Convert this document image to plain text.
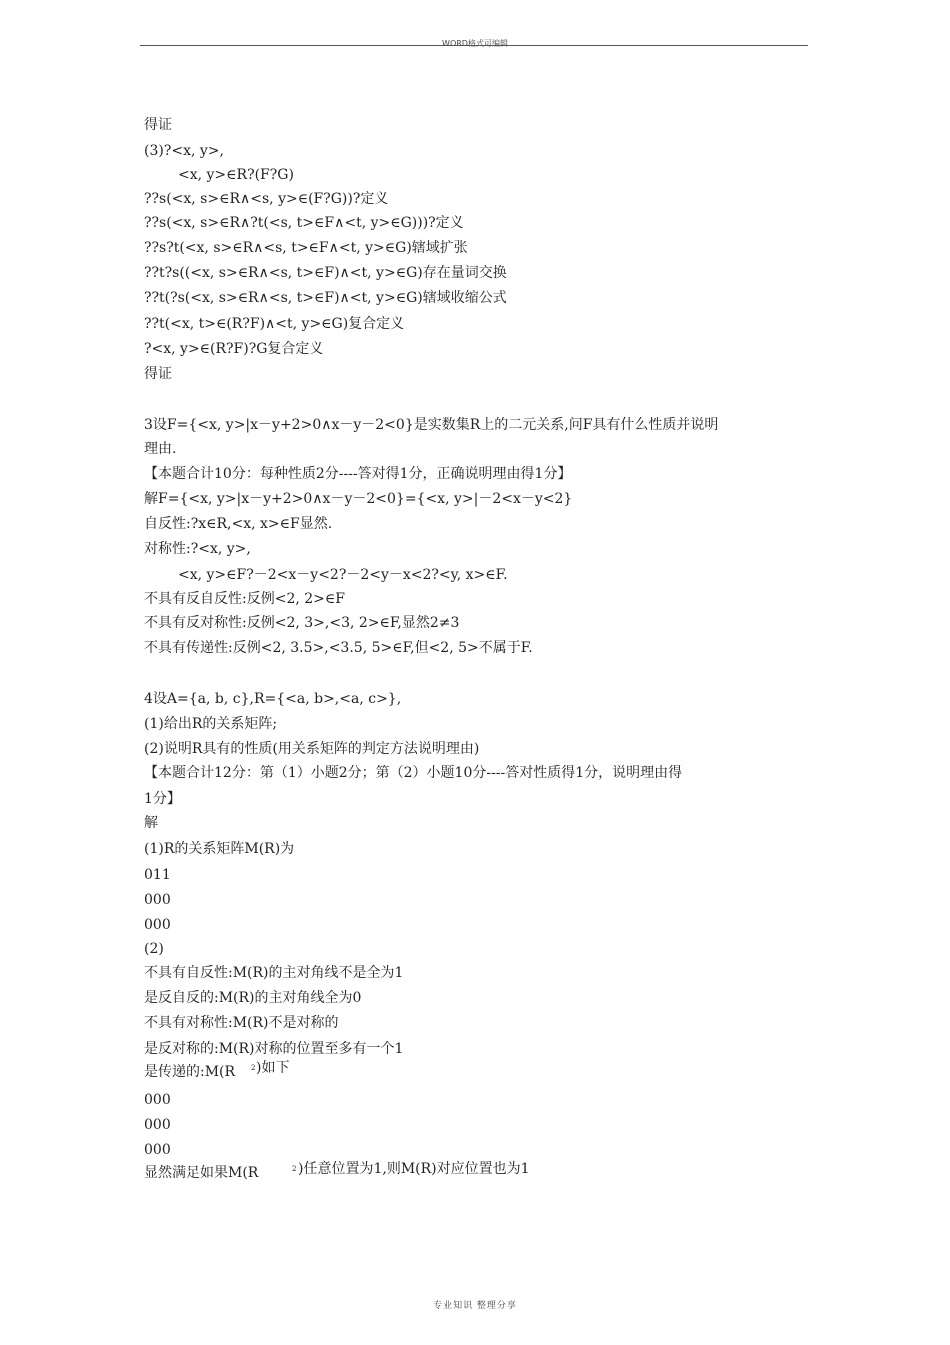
WORD格式可编辑
得证
(3)?<x, y>,
<x, y>∈R?(F?G)
??s(<x, s>∈R∧<s, y>∈(F?G))?定义
??s(<x, s>∈R∧?t(<s, t>∈F∧<t, y>∈G)))?定义
??s?t(<x, s>∈R∧<s, t>∈F∧<t, y>∈G)辖域扩张
??t?s((<x, s>∈R∧<s, t>∈F)∧<t, y>∈G)存在量词交换
??t(?s(<x, s>∈R∧<s, t>∈F)∧<t, y>∈G)辖域收缩公式
??t(<x, t>∈(R?F)∧<t, y>∈G)复合定义
?<x, y>∈(R?F)?G复合定义
得证
3设F={<x, y>|x－y+2>0∧x－y－2<0}是实数集R上的二元关系,问F具有什么性质并说明
理由.
【本题合计10分：每种性质2分----答对得1分，正确说明理由得1分】
解F={<x, y>|x－y+2>0∧x－y－2<0}={<x, y>|－2<x－y<2}
自反性:?x∈R,<x, x>∈F显然.
对称性:?<x, y>,
<x, y>∈F?－2<x－y<2?－2<y－x<2?<y, x>∈F.
不具有反自反性:反例<2, 2>∈F
不具有反对称性:反例<2, 3>,<3, 2>∈F,显然2≠3
不具有传递性:反例<2, 3.5>,<3.5, 5>∈F,但<2, 5>不属于F.
4设A={a, b, c},R={<a, b>,<a, c>},
(1)给出R的关系矩阵;
(2)说明R具有的性质(用关系矩阵的判定方法说明理由)
【本题合计12分：第（1）小题2分；第（2）小题10分----答对性质得1分，说明理由得
1分】
解
(1)R的关系矩阵M(R)为
011
000
000
(2)
不具有自反性:M(R)的主对角线不是全为1
是反自反的:M(R)的主对角线全为0
不具有对称性:M(R)不是对称的
是反对称的:M(R)对称的位置至多有一个1
是传递的:M(R 2 )如下
000
000
000
显然满足如果M(R	2 )任意位置为1,则M(R)对应位置也为1
专业知识 整理分享
